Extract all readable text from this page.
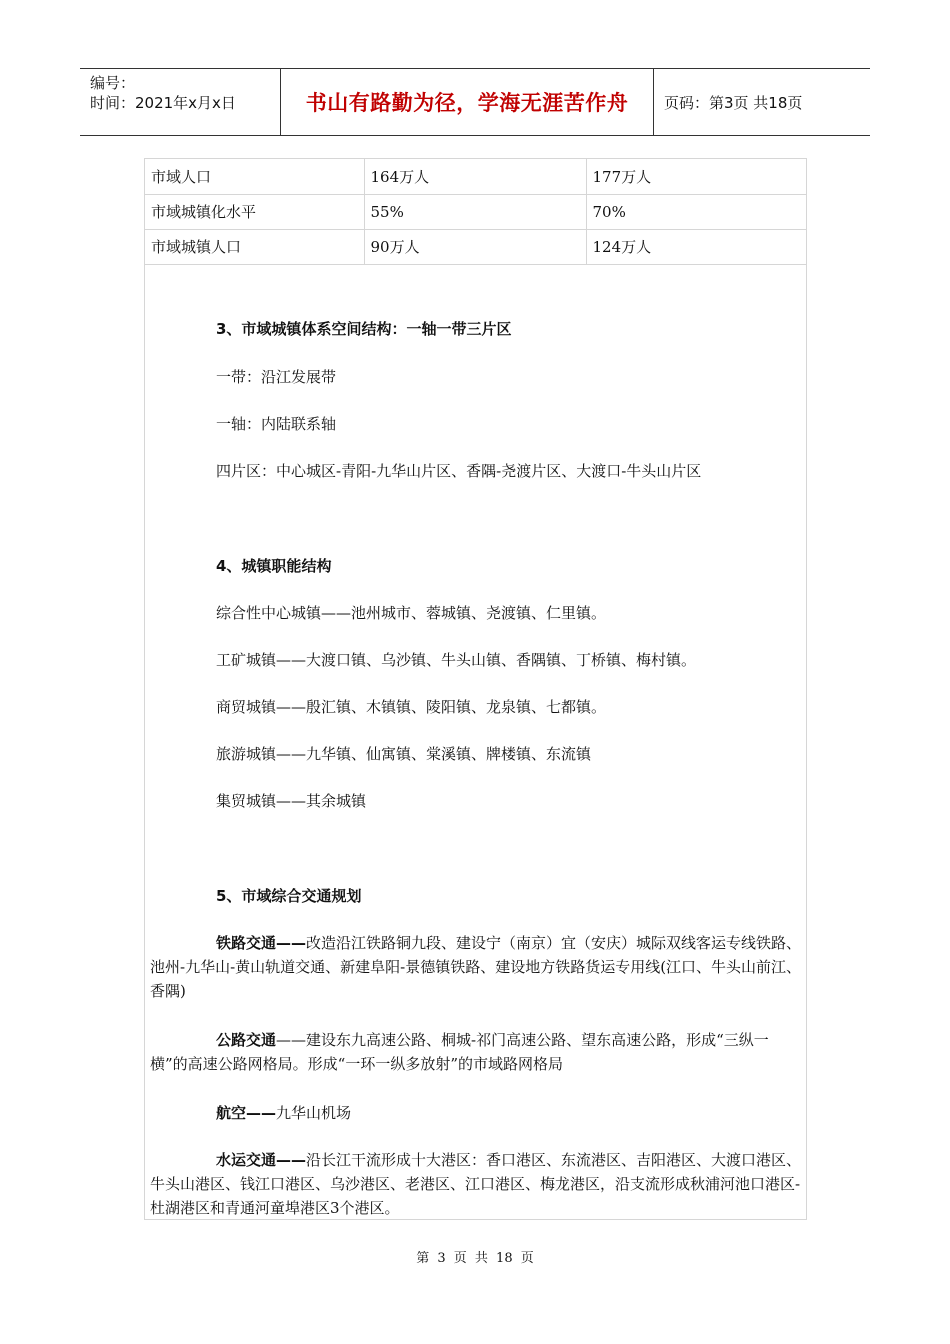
编号：
时间：2021年x月x日	书山有路勤为径，学海无涯苦作舟	页码：第3页 共18页
市域人口	164万人	177万人
市域城镇化水平	55%	70%
市域城镇人口	90万人	124万人
3、市域城镇体系空间结构：一轴一带三片区
一带：沿江发展带
一轴：内陆联系轴
四片区：中心城区-青阳-九华山片区、香隅-尧渡片区、大渡口-牛头山片区
4、城镇职能结构
综合性中心城镇——池州城市、蓉城镇、尧渡镇、仁里镇。
工矿城镇——大渡口镇、乌沙镇、牛头山镇、香隅镇、丁桥镇、梅村镇。
商贸城镇——殷汇镇、木镇镇、陵阳镇、龙泉镇、七都镇。
旅游城镇——九华镇、仙寓镇、棠溪镇、牌楼镇、东流镇
集贸城镇——其余城镇
5、市域综合交通规划
铁路交通——改造沿江铁路铜九段、建设宁（南京）宜（安庆）城际双线客运专线铁路、池州-九华山-黄山轨道交通、新建阜阳-景德镇铁路、建设地方铁路货运专用线(江口、牛头山前江、香隅)
公路交通——建设东九高速公路、桐城-祁门高速公路、望东高速公路，形成“三纵一横”的高速公路网格局。形成“一环一纵多放射”的市域路网格局
航空——九华山机场
水运交通——沿长江干流形成十大港区：香口港区、东流港区、吉阳港区、大渡口港区、牛头山港区、钱江口港区、乌沙港区、老港区、江口港区、梅龙港区，沿支流形成秋浦河池口港区-杜湖港区和青通河童埠港区3个港区。
第 3 页 共 18 页
